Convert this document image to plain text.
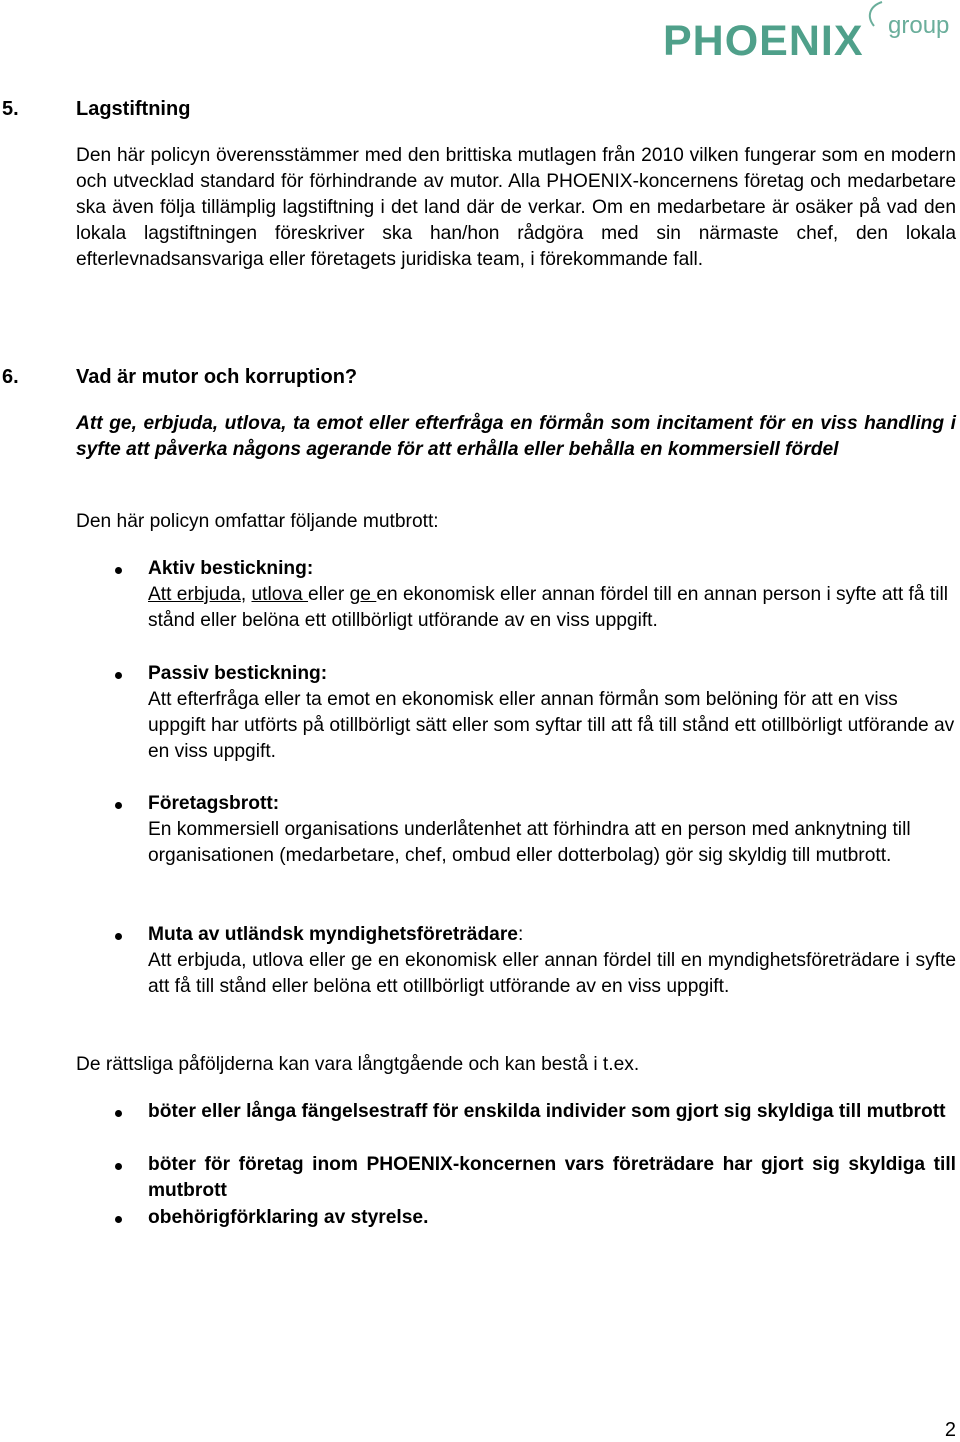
PHOENIX group
5.	Lagstiftning
Den här policyn överensstämmer med den brittiska mutlagen från 2010 vilken fungerar som en modern och utvecklad standard för förhindrande av mutor. Alla PHOENIX-koncernens företag och medarbetare ska även följa tillämplig lagstiftning i det land där de verkar. Om en medarbetare är osäker på vad den lokala lagstiftningen föreskriver ska han/hon rådgöra med sin närmaste chef, den lokala efterlevnadsansvariga eller företagets juridiska team, i förekommande fall.
6.	Vad är mutor och korruption?
Att ge, erbjuda, utlova, ta emot eller efterfråga en förmån som incitament för en viss handling i syfte att påverka någons agerande för att erhålla eller behålla en kommersiell fördel
Den här policyn omfattar följande mutbrott:
Aktiv bestickning:
Att erbjuda, utlova eller ge en ekonomisk eller annan fördel till en annan person i syfte att få till stånd eller belöna ett otillbörligt utförande av en viss uppgift.
Passiv bestickning:
Att efterfråga eller ta emot en ekonomisk eller annan förmån som belöning för att en viss uppgift har utförts på otillbörligt sätt eller som syftar till att få till stånd ett otillbörligt utförande av en viss uppgift.
Företagsbrott:
En kommersiell organisations underlåtenhet att förhindra att en person med anknytning till organisationen (medarbetare, chef, ombud eller dotterbolag) gör sig skyldig till mutbrott.
Muta av utländsk myndighetsföreträdare:
Att erbjuda, utlova eller ge en ekonomisk eller annan fördel till en myndighetsföreträdare i syfte att få till stånd eller belöna ett otillbörligt utförande av en viss uppgift.
De rättsliga påföljderna kan vara långtgående och kan bestå i t.ex.
böter eller långa fängelsestraff för enskilda individer som gjort sig skyldiga till mutbrott
böter för företag inom PHOENIX-koncernen vars företrädare har gjort sig skyldiga till mutbrott
obehörigförklaring av styrelse.
2
